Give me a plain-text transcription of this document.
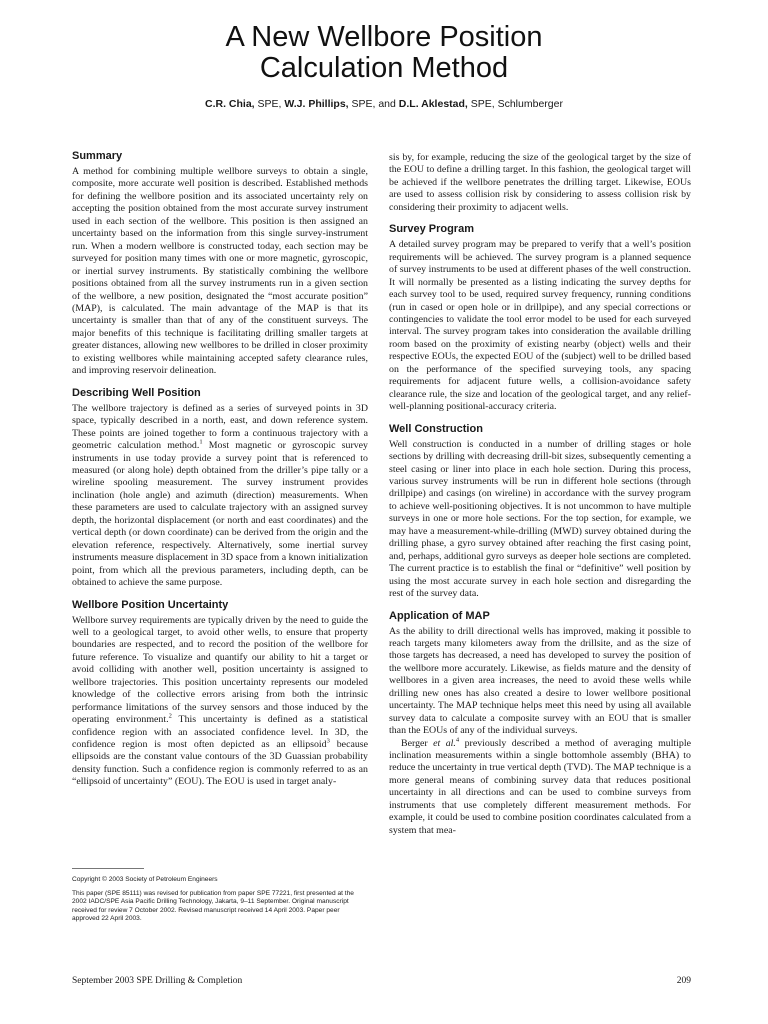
A New Wellbore Position
Calculation Method

C.R. Chia, SPE, W.J. Phillips, SPE, and D.L. Aklestad, SPE, Schlumberger

Summary

A method for combining multiple wellbore surveys to obtain a single, composite, more accurate well position is described. Established methods for defining the wellbore position and its associated uncertainty rely on accepting the position obtained from the most accurate survey instrument used in each section of the wellbore. This position is then assigned an uncertainty based on the information from this single survey-instrument run. When a modern wellbore is constructed today, each section may be surveyed for position many times with one or more magnetic, gyroscopic, or inertial survey instruments. By statistically combining the wellbore positions obtained from all the survey instruments run in a given section of the wellbore, a new position, designated the “most accurate position” (MAP), is calculated. The main advantage of the MAP is that its uncertainty is smaller than that of any of the constituent surveys. The major benefits of this technique is facilitating drilling smaller targets at greater distances, allowing new wellbores to be drilled in closer proximity to existing wellbores while maintaining accepted safety clearance rules, and improving reservoir delineation.

Describing Well Position

The wellbore trajectory is defined as a series of surveyed points in 3D space, typically described in a north, east, and down reference system. These points are joined together to form a continuous trajectory with a geometric calculation method.$^1$ Most magnetic or gyroscopic survey instruments in use today provide a survey point that is referenced to measured (or along hole) depth obtained from the driller’s pipe tally or a wireline spooling measurement. The survey instrument provides inclination (hole angle) and azimuth (direction) measurements. When these parameters are used to calculate trajectory with an assigned survey depth, the horizontal displacement (or north and east coordinates) and the vertical depth (or down coordinate) can be derived from the origin and the elevation reference, respectively. Alternatively, some inertial survey instruments measure displacement in 3D space from a known initialization point, from which all the previous parameters, including depth, can be obtained to achieve the same purpose.

Wellbore Position Uncertainty

Wellbore survey requirements are typically driven by the need to guide the well to a geological target, to avoid other wells, to ensure that property boundaries are respected, and to record the position of the wellbore for future reference. To visualize and quantify our ability to hit a target or avoid colliding with another well, position uncertainty is assigned to wellbore trajectories. This position uncertainty represents our modeled knowledge of the collective errors arising from both the intrinsic performance limitations of the survey sensors and those induced by the operating environment.$^2$ This uncertainty is defined as a statistical confidence region with an associated confidence level. In 3D, the confidence region is most often depicted as an ellipsoid$^3$ because ellipsoids are the constant value contours of the 3D Guassian probability density function. Such a confidence region is commonly referred to as an “ellipsoid of uncertainty” (EOU). The EOU is used in target analy-

Copyright © 2003 Society of Petroleum Engineers

This paper (SPE 85111) was revised for publication from paper SPE 77221, first presented at the 2002 IADC/SPE Asia Pacific Drilling Technology, Jakarta, 9–11 September. Original manuscript received for review 7 October 2002. Revised manuscript received 14 April 2003. Paper peer approved 22 April 2003.

sis by, for example, reducing the size of the geological target by the size of the EOU to define a drilling target. In this fashion, the geological target will be achieved if the wellbore penetrates the drilling target. Likewise, EOUs are used to assess collision risk by considering to assess collision risk by considering their proximity to adjacent wells.

Survey Program

A detailed survey program may be prepared to verify that a well’s position requirements will be achieved. The survey program is a planned sequence of survey instruments to be used at different phases of the well construction. It will normally be presented as a listing indicating the survey depths for each survey tool to be used, required survey frequency, running conditions (run in cased or open hole or in drillpipe), and any special corrections or contingencies to validate the tool error model to be used for each surveyed interval. The survey program takes into consideration the available drilling room based on the proximity of existing nearby (object) wells and their respective EOUs, the expected EOU of the (subject) well to be drilled based on the performance of the specified surveying tools, any spacing requirements for adjacent future wells, a collision-avoidance safety clearance rule, the size and location of the geological target, and any relief-well-planning positional-accuracy criteria.

Well Construction

Well construction is conducted in a number of drilling stages or hole sections by drilling with decreasing drill-bit sizes, subsequently cementing a steel casing or liner into place in each hole section. During this process, various survey instruments will be run in different hole sections (through drillpipe) and casings (on wireline) in accordance with the survey program to achieve well-positioning objectives. It is not uncommon to have multiple surveys in one or more hole sections. For the top section, for example, we may have a measurement-while-drilling (MWD) survey obtained during the drilling phase, a gyro survey obtained after reaching the first casing point, and, perhaps, additional gyro surveys as deeper hole sections are completed. The current practice is to establish the final or “definitive” well position by using the most accurate survey in each hole section and disregarding the rest of the survey data.

Application of MAP

As the ability to drill directional wells has improved, making it possible to reach targets many kilometers away from the drillsite, and as the size of those targets has decreased, a need has developed to survey the position of the wellbore more accurately. Likewise, as fields mature and the density of wellbores in a given area increases, the need to avoid these wells while drilling new ones has also created a desire to lower wellbore positional uncertainty. The MAP technique helps meet this need by using all available survey data to calculate a composite survey with an EOU that is smaller than the EOUs of any of the individual surveys.

Berger et al.$^4$ previously described a method of averaging multiple inclination measurements within a single bottomhole assembly (BHA) to reduce the uncertainty in true vertical depth (TVD). The MAP technique is a more general means of combining survey data that reduces positional uncertainty in all directions and can be used to combine surveys from instruments that use completely different measurement methods. For example, it could be used to combine position coordinates calculated from a system that mea-

September 2003 SPE Drilling & Completion	209
